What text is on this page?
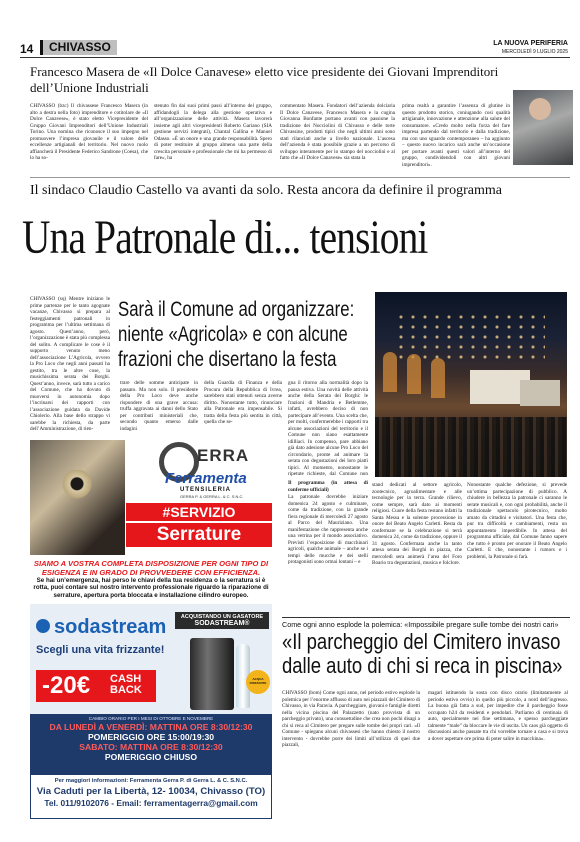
14	CHIVASSO	LA NUOVA PERIFERIA
MERCOLEDÌ 9 LUGLIO 2025
Francesco Masera de «Il Dolce Canavese» eletto vice presidente dei Giovani Imprenditori dell’Unione Industriali
CHIVASSO (bzc) Il chivassese Francesco Masera (in alto a destra nella foto) imprenditore e cotitolare de «Il Dolce Canavese», è stato eletto Vicepresidente del Gruppo Giovani Imprenditori dell’Unione Industriali Torino. Una nomina che riconosce il suo impegno nel promuovere l’impresa giovanile e il valore delle eccellenze artigianali del territorio. Nel nuovo ruolo affiancherà il Presidente Federico Sandrone (Coesa), che lo ha so-
stenuto fin dai suoi primi passi all’interno del gruppo, affidandogli la delega alla gestione operativa e all’organizzazione delle attività. Masera lavorerà insieme agli altri vicepresidenti Roberto Gariano (SIA gestione servizi integrati), Chantal Gallina e Manuel Odasso. «È un onore e una grande responsabilità. Spero di poter restituire al gruppo almeno una parte della crescita personale e professionale che mi ha permesso di fare», ha
commentato Masera. Fondatori dell’azienda dolciaria Il Dolce Canavese, Francesco Masera e la cugina Giovanna Bonfante portano avanti con passione la tradizione dei Nocciolini di Chivasso e delle torte Chivassine, prodotti tipici che negli ultimi anni sono stati rilanciati anche a livello nazionale. L’ascesa dell’azienda è stata possibile grazie a un percorso di sviluppo interamente per lo stampo del nocciolini e al fatto che «Il Dolce Canavese» sia stata la
prima realtà a garantire l’assenza di glutine in questo prodotto storico, coniugando così qualità artigianale, innovazione e attenzione alla salute del consumatore. «Credo molto nella forza del fare impresa partendo dal territorio e dalla tradizione, ma con uno sguardo contemporaneo – ha aggiunto – questo nuovo incarico sarà anche un’occasione per portare avanti questi valori all’interno del gruppo, condividendoli con altri giovani imprenditori».
Il sindaco Claudio Castello va avanti da solo. Resta ancora da definire il programma
Una Patronale di... tensioni
CHIVASSO (sq) Mentre iniziano le prime partenze per le tanto agognate vacanze, Chivasso si prepara al festeggiamenti patronali in programma per l’ultima settimana di agosto. Quest’anno, però, l’organizzazione è stata più complessa del solito. A complicare le cose è il supporto venuto meno dell’associazione L’Agricola, ovvero la Pro Loco che negli anni passati ha gestito, tra le altre cose, la musichissima serata dei Borghi. Quest’anno, invece, sarà tutto a carico del Comune, che ha dovuto di muoversi in autonomia dopo l’incrinarsi dei rapporti con l’associazione guidata da Davide Chiolerio. Alla base dello strappo vi sarebbe la richiesta, da parte dell’Amministrazione, di rien-
Sarà il Comune ad organizzare:
niente «Agricola» e con alcune
frazioni che disertano la festa
trare delle somme anticipate in passato. Ma non solo. Il presidente della Pro Loco deve anche rispondere di una grave accusa: truffa aggravata ai danni dello Stato per contributi ministeriali che, secondo quanto emerso dalle indagini
della Guardia di Finanza e della Procura della Repubblica di Ivrea, sarebbero stati ottenuti senza averne diritto. Nonostante tutto, rinunciare alla Patronale era impensabile. Si tratta della festa più sentita in città, quella che se-
gna il ritorno alla normalità dopo la pausa estiva. Una novità delle attività anche della Serata dei Borghi: le frazioni di Mandria e Betlemme, infatti, avrebbero deciso di non partecipare all’evento. Una scelta che, per molti, confermerebbe i rapporti tra alcune associazioni del territorio e il Comune non siano esattamente idilliaci. In compenso, pare abbiano già dato adesione alcune Pro Loco del circondario, pronte ad animare la serata con degustazioni dei loro piatti tipici. Al momento, nonostante le ripetute richieste, dal Comune non
Il programma (in attesa di conferme ufficiali)
La patronale dovrebbe iniziare domenica 24 agosto e culminare, come da tradizione, con la grande fiera regionale di mercoledì 27 agosto al Parco del Mauriziano. Una manifestazione che rappresenta anche una vetrina per il mondo associativo. Previsti l’esposizione di macchinari agricoli, qualche animale – anche se i tempi delle mucche e dei stelli protagonisti sono ormai lontani – e
stand dedicati al settore agricolo, zootecnico, agroalimentare e alle tecnologie per la terra. Grande rilievo, come sempre, sarà dato ai momenti religiosi. Cuore della festa restano infatti la Santa Messa e la solenne processione in onore del Beato Angelo Carletti. Resta da confermare se la celebrazione si terrà domenica 24, come da tradizione, oppure il 31 agosto. Confermata anche la tanto attesa serata dei Borghi in piazza, che mercoledì sera animerà l’area del Foro Boario tra degustazioni, musica e folclore.
Nonostante qualche defezione, si prevede un’ottima partecipazione di pubblico. A chiudere in bellezza la patronale ci saranno le serate musicali e, con ogni probabilità, anche il tradizionale spettacolo pirotecnico, molto amato da cittadini e visitatori. Una festa che, pur tra difficoltà e cambiamenti, resta un appuntamento imperdibile. In attesa del programma ufficiale, dal Comune fanno sapere che tutto è pronto per onorare il Beato Angelo Carletti. E che, nonostante i rumors e i problemi, la Patronale si farà.
ERRA
Ferramenta
UTENSILERIA
GERRA P. & GERRA L. & C. S.N.C.
#SERVIZIO
Serrature
SIAMO A VOSTRA COMPLETA DISPOSIZIONE PER OGNI TIPO DI ESIGENZA E IN GRADO DI PROVVEDERE CON EFFICIENZA.
Se hai un’emergenza, hai perso le chiavi della tua residenza o la serratura si è rotta, puoi contare sul nostro intervento professionale riguardo la riparazione di serrature, apertura porta bloccata e installazione cilindro europeo.
sodastream
Scegli una vita frizzante!
-20€ CASH BACK
ACQUISTANDO UN GASATORE
SODASTREAM®
ACQUA FRIZZANTE
CAMBIO ORARIO PER I MESI DI OTTOBRE E NOVEMBRE
DA LUNEDÌ A VENERDÌ: MATTINA ORE 8:30/12:30
POMERIGGIO ORE 15:00/19:30
SABATO: MATTINA ORE 8:30/12:30
POMERIGGIO CHIUSO
Per maggiori informazioni: Ferramenta Gerra P. di Gerra L. & C. S.N.C.
Via Caduti per la Libertà, 12- 10034, Chivasso (TO)
Tel. 011/9102076 - Email: ferramentagerra@gmail.com
Come ogni anno esplode la polemica: «Impossibile pregare sulle tombe dei nostri cari»
«Il parcheggio del Cimitero invaso
dalle auto di chi si reca in piscina»
CHIVASSO (bom) Come ogni anno, nel periodo estivo esplode la polemica per l’enorme afflusso di auto nei piazzali del Cimitero di Chivasso, in via Paravia. A parcheggiare, giovani e famiglie diretti nella vicina piscina del Palazzetto (nato provvista di un parcheggio privato), una consuetudine che crea non pochi disagi a chi si reca al Cimitero per pregare sulle tombe dei propri cari. «Il Comune - spiegano alcuni chivassesi che hanno chiesto il nostro intervento - dovrebbe porre dei limiti all’utilizzo di quei due piazzali,
magari istituendo la sosta con disco orario (limitatamente al periodo estivo ovvio) in quello più piccolo, a nord dell’ingresso. La buona già fatta a sud, per impedire che il parcheggio fosse occupato h24 da residenti e pendolari. Parliamo di centinaia di auto, specialmente nei fine settimana, e spesso parcheggiate talmente “male” da bloccare le vie di uscita. Un caos già oggetto di discussioni anche passate tra chi vorrebbe tornare a casa e si trova a dover aspettare ore prima di poter salire in macchina».
